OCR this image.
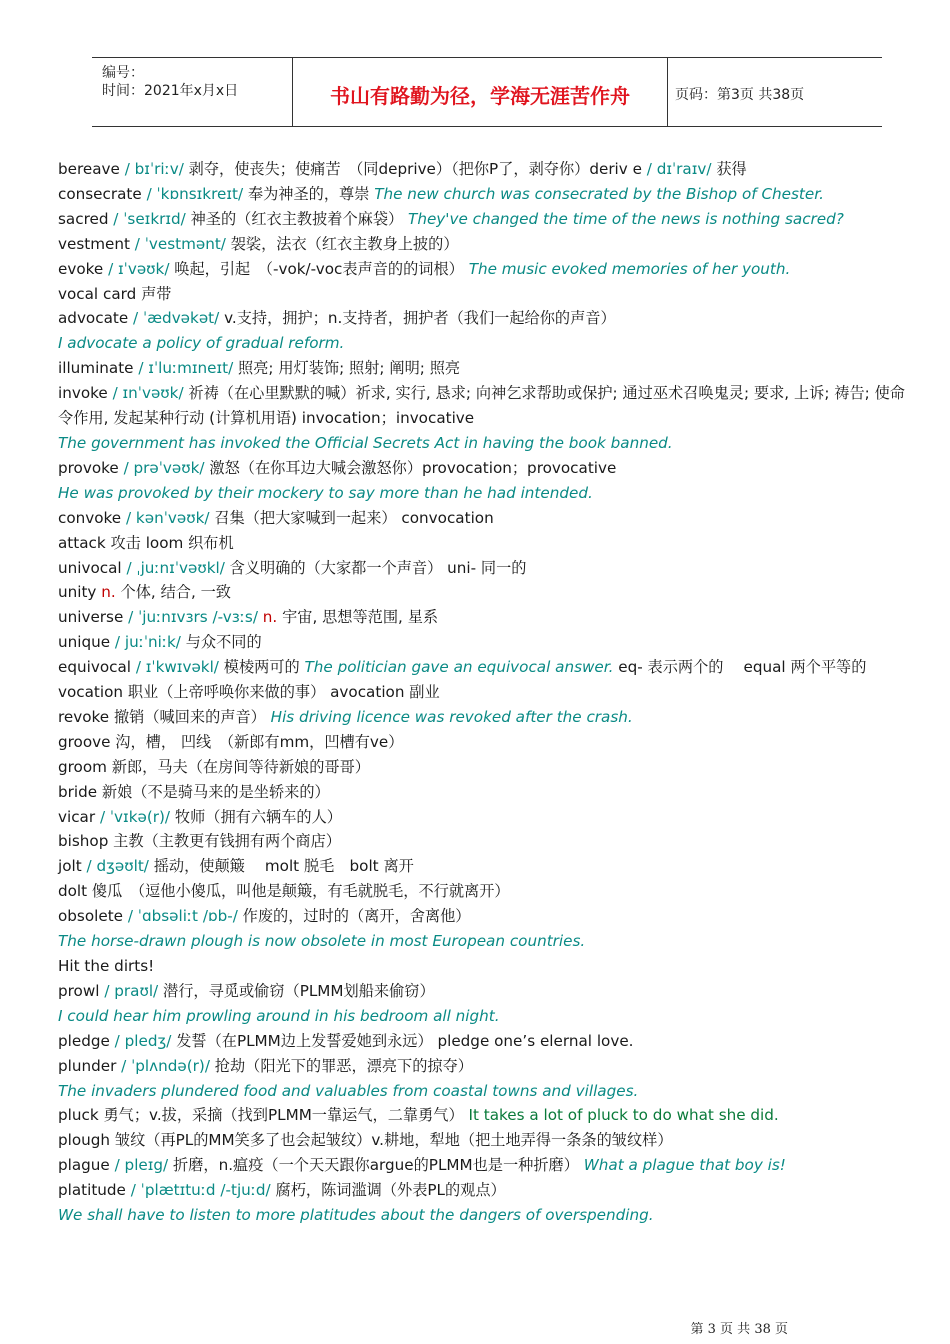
编号：
时间：2021年x月x日	书山有路勤为径，学海无涯苦作舟	页码：第3页 共38页
bereave / bɪˈriːv/ 剥夺，使丧失；使痛苦　（同deprive）（把你P了，剥夺你）deriv e / dɪˈraɪv/ 获得
consecrate / ˈkɒnsɪkreɪt/ 奉为神圣的，尊崇 The new church was consecrated by the Bishop of Chester.
sacred / ˈseɪkrɪd/ 神圣的（红衣主教披着个麻袋） They've changed the time of the news is nothing sacred?
vestment / ˈvestmənt/ 袈裟，法衣（红衣主教身上披的）
evoke / ɪˈvəʊk/ 唤起，引起　（-vok/-voc表声音的的词根） The music evoked memories of her youth.
vocal card 声带
advocate / ˈædvəkət/ v.支持，拥护；n.支持者，拥护者（我们一起给你的声音）
I advocate a policy of gradual reform.
illuminate / ɪˈluːmɪneɪt/ 照亮; 用灯装饰; 照射; 阐明; 照亮
invoke / ɪnˈvəʊk/ 祈祷（在心里默默的喊）祈求, 实行, 恳求; 向神乞求帮助或保护; 通过巫术召唤鬼灵; 要求, 上诉; 祷告; 使命令作用, 发起某种行动 (计算机用语) invocation；invocative
The government has invoked the Official Secrets Act in having the book banned.
provoke / prəˈvəʊk/ 激怒（在你耳边大喊会激怒你）provocation；provocative
He was provoked by their mockery to say more than he had intended.
convoke / kənˈvəʊk/ 召集（把大家喊到一起来） convocation
attack 攻击 loom 织布机
univocal / ˌjuːnɪˈvəʊkl/ 含义明确的（大家都一个声音） uni- 同一的
unity n. 个体, 结合, 一致
universe / ˈjuːnɪvɜrs /-vɜːs/ n. 宇宙, 思想等范围, 星系
unique / juːˈniːk/ 与众不同的
equivocal / ɪˈkwɪvəkl/ 模棱两可的 The politician gave an equivocal answer. eq- 表示两个的　 equal 两个平等的
vocation 职业（上帝呼唤你来做的事） avocation 副业
revoke 撤销（喊回来的声音） His driving licence was revoked after the crash.
groove 沟，槽， 凹线　（新郎有mm，凹槽有ve）
groom 新郎，马夫（在房间等待新娘的哥哥）
bride 新娘（不是骑马来的是坐轿来的）
vicar / ˈvɪkə(r)/ 牧师（拥有六辆车的人）
bishop 主教（主教更有钱拥有两个商店）
jolt / dʒəʊlt/ 摇动，使颠簸　 molt 脱毛　bolt 离开
dolt 傻瓜　（逗他小傻瓜，叫他是颠簸，有毛就脱毛，不行就离开）
obsolete / ˈɑbsəliːt /ɒb-/ 作废的，过时的（离开，舍离他）
The horse-drawn plough is now obsolete in most European countries.
Hit the dirts!
prowl / praʊl/ 潜行，寻觅或偷窃（PLMM划船来偷窃）
I could hear him prowling around in his bedroom all night.
pledge / pledʒ/ 发誓（在PLMM边上发誓爱她到永远） pledge one’s elernal love.
plunder / ˈplʌndə(r)/ 抢劫（阳光下的罪恶，漂亮下的掠夺）
The invaders plundered food and valuables from coastal towns and villages.
pluck 勇气；v.拔，采摘（找到PLMM一靠运气，二靠勇气） It takes a lot of pluck to do what she did.
plough 皱纹（再PL的MM笑多了也会起皱纹）v.耕地，犁地（把土地弄得一条条的皱纹样）
plague / pleɪg/ 折磨，n.瘟疫（一个天天跟你argue的PLMM也是一种折磨） What a plague that boy is!
platitude / ˈplætɪtuːd /-tjuːd/ 腐朽，陈词滥调（外表PL的观点）
We shall have to listen to more platitudes about the dangers of overspending.
第 3 页 共 38 页
